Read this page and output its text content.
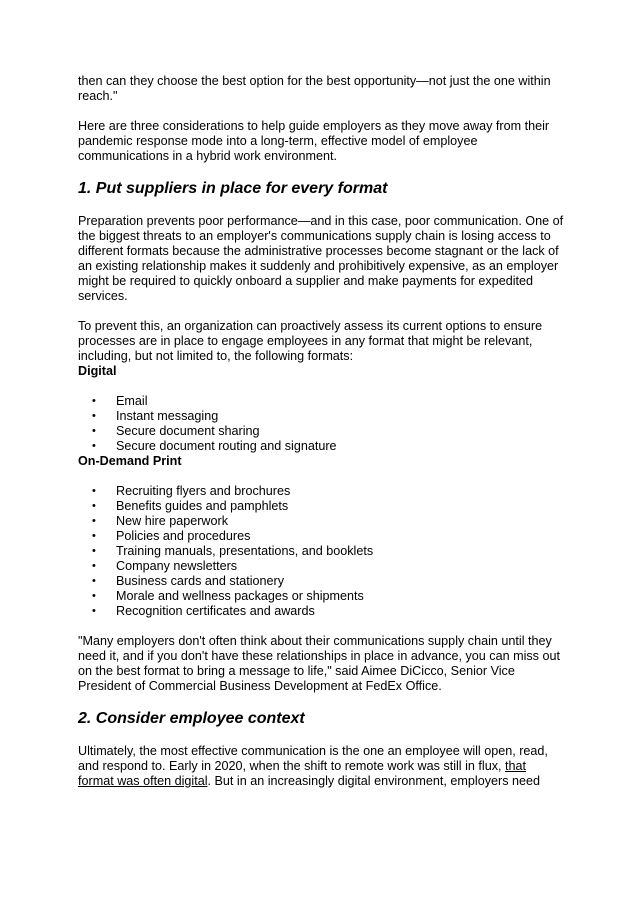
then can they choose the best option for the best opportunity—not just the one within reach."

Here are three considerations to help guide employers as they move away from their pandemic response mode into a long-term, effective model of employee communications in a hybrid work environment.

1. Put suppliers in place for every format

Preparation prevents poor performance—and in this case, poor communication. One of the biggest threats to an employer's communications supply chain is losing access to different formats because the administrative processes become stagnant or the lack of an existing relationship makes it suddenly and prohibitively expensive, as an employer might be required to quickly onboard a supplier and make payments for expedited services.

To prevent this, an organization can proactively assess its current options to ensure processes are in place to engage employees in any format that might be relevant, including, but not limited to, the following formats:

Digital

• Email
• Instant messaging
• Secure document sharing
• Secure document routing and signature

On-Demand Print

• Recruiting flyers and brochures
• Benefits guides and pamphlets
• New hire paperwork
• Policies and procedures
• Training manuals, presentations, and booklets
• Company newsletters
• Business cards and stationery
• Morale and wellness packages or shipments
• Recognition certificates and awards

"Many employers don't often think about their communications supply chain until they need it, and if you don't have these relationships in place in advance, you can miss out on the best format to bring a message to life," said Aimee DiCicco, Senior Vice President of Commercial Business Development at FedEx Office.

2. Consider employee context

Ultimately, the most effective communication is the one an employee will open, read, and respond to. Early in 2020, when the shift to remote work was still in flux, that format was often digital. But in an increasingly digital environment, employers need
